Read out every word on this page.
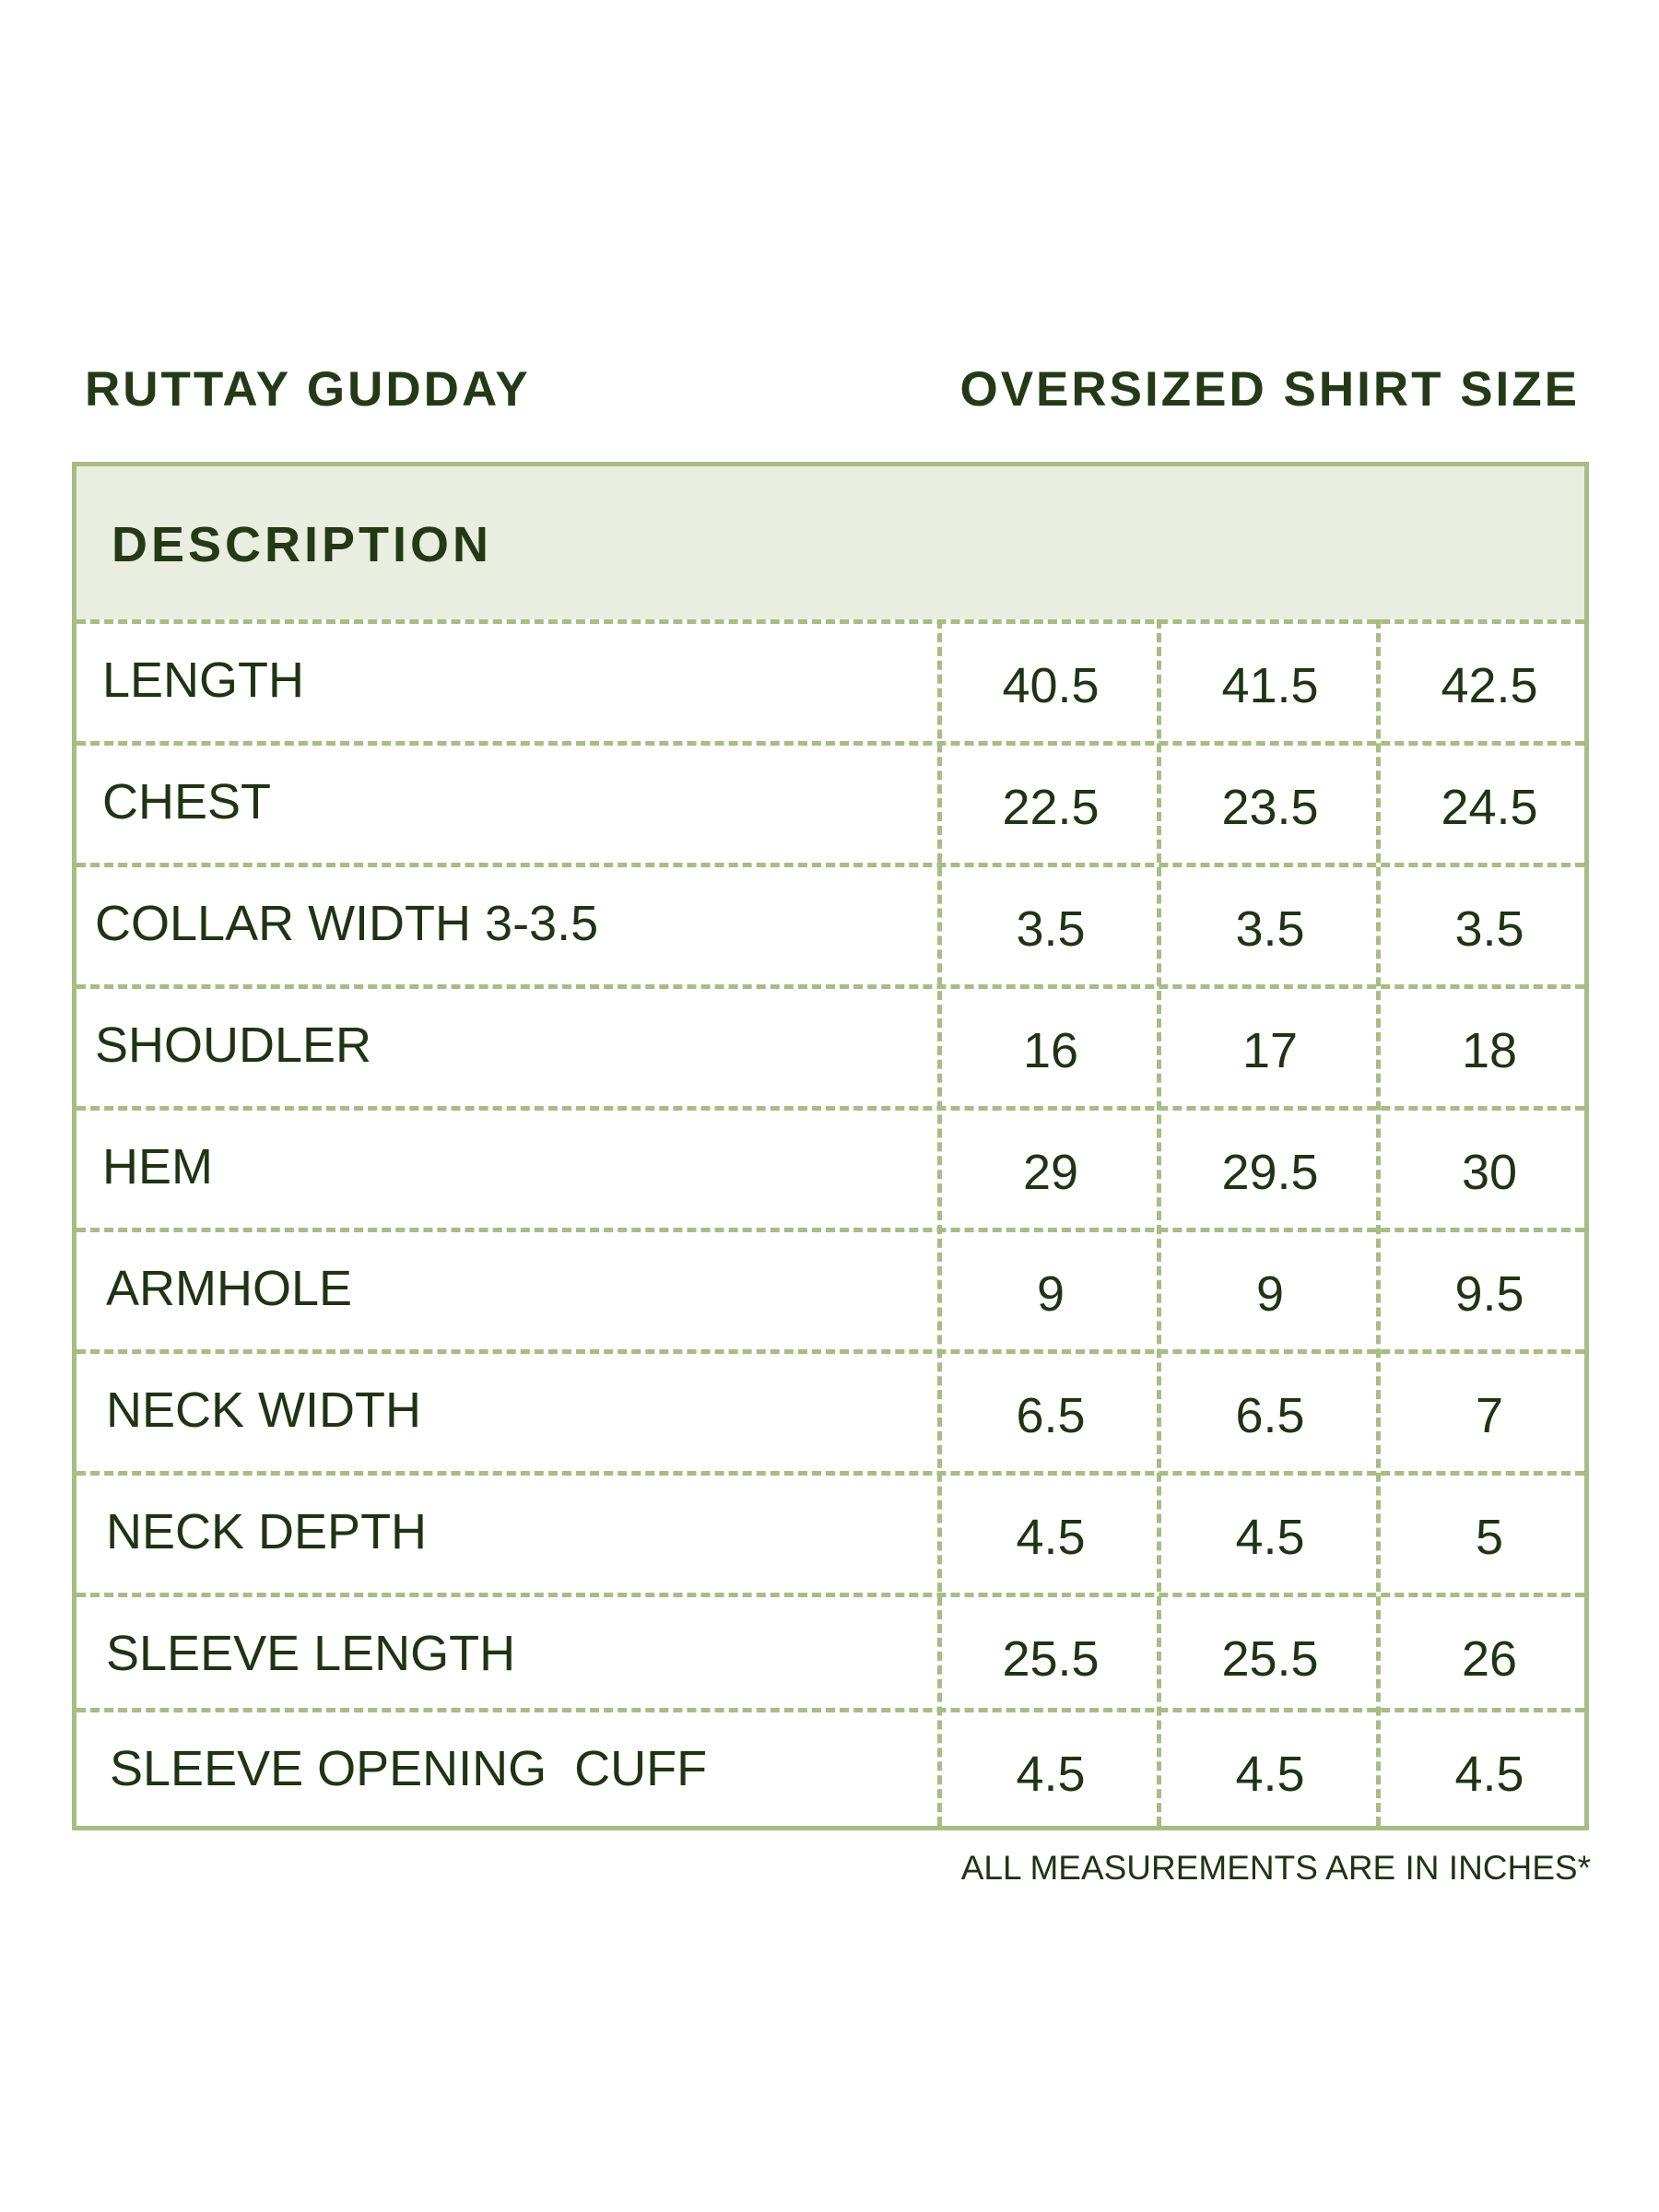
RUTTAY GUDDAY	OVERSIZED SHIRT SIZE
DESCRIPTION
LENGTH	40.5	41.5	42.5
CHEST	22.5	23.5	24.5
COLLAR WIDTH 3-3.5	3.5	3.5	3.5
SHOUDLER	16	17	18
HEM	29	29.5	30
ARMHOLE	9	9	9.5
NECK WIDTH	6.5	6.5	7
NECK DEPTH	4.5	4.5	5
SLEEVE LENGTH	25.5	25.5	26
SLEEVE OPENING  CUFF	4.5	4.5	4.5
ALL MEASUREMENTS ARE IN INCHES*
